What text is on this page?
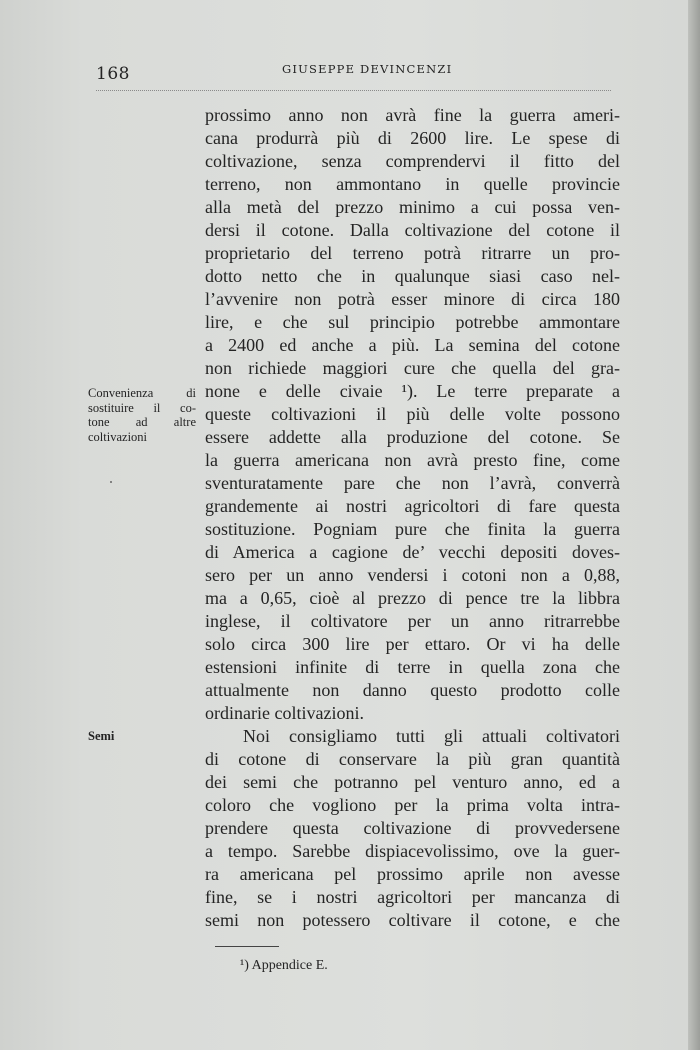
168	GIUSEPPE DEVINCENZI
prossimo anno non avrà fine la guerra ameri-
cana produrrà più di 2600 lire. Le spese di
coltivazione, senza comprendervi il fitto del
terreno, non ammontano in quelle provincie
alla metà del prezzo minimo a cui possa ven-
dersi il cotone. Dalla coltivazione del cotone il
proprietario del terreno potrà ritrarre un pro-
dotto netto che in qualunque siasi caso nel-
l’avvenire non potrà esser minore di circa 180
lire, e che sul principio potrebbe ammontare
a 2400 ed anche a più. La semina del cotone
non richiede maggiori cure che quella del gra-
none e delle civaie ¹). Le terre preparate a
queste coltivazioni il più delle volte possono
essere addette alla produzione del cotone. Se
la guerra americana non avrà presto fine, come
sventuratamente pare che non l’avrà, converrà
grandemente ai nostri agricoltori di fare questa
sostituzione. Pogniam pure che finita la guerra
di America a cagione de’ vecchi depositi doves-
sero per un anno vendersi i cotoni non a 0,88,
ma a 0,65, cioè al prezzo di pence tre la libbra
inglese, il coltivatore per un anno ritrarrebbe
solo circa 300 lire per ettaro. Or vi ha delle
estensioni infinite di terre in quella zona che
attualmente non danno questo prodotto colle
ordinarie coltivazioni.
Noi consigliamo tutti gli attuali coltivatori
di cotone di conservare la più gran quantità
dei semi che potranno pel venturo anno, ed a
coloro che vogliono per la prima volta intra-
prendere questa coltivazione di provvedersene
a tempo. Sarebbe dispiacevolissimo, ove la guer-
ra americana pel prossimo aprile non avesse
fine, se i nostri agricoltori per mancanza di
semi non potessero coltivare il cotone, e che
Convenienza di
sostituire il co-
tone ad altre
coltivazioni
Semi
¹) Appendice E.
